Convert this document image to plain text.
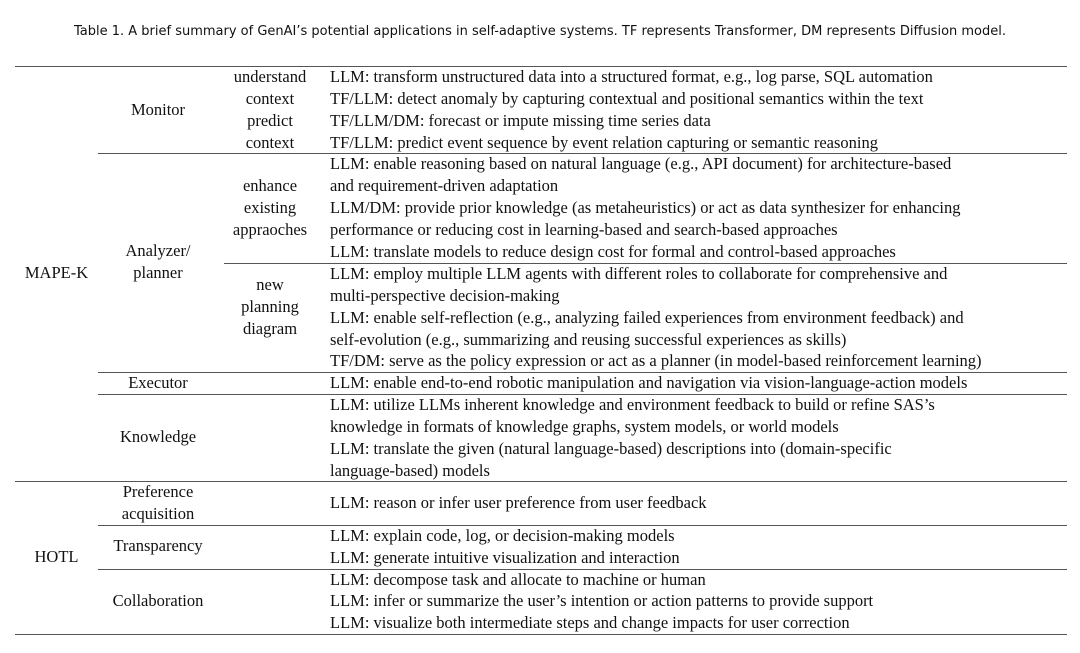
Table 1. A brief summary of GenAI’s potential applications in self-adaptive systems. TF represents Transformer, DM represents Diffusion model.
MAPE-K
HOTL
Monitor
Analyzer/
planner
Executor
Knowledge
Preference
acquisition
Transparency
Collaboration
understand
context
predict
context
enhance
existing
appraoches
new
planning
diagram
LLM: transform unstructured data into a structured format, e.g., log parse, SQL automation
TF/LLM: detect anomaly by capturing contextual and positional semantics within the text
TF/LLM/DM: forecast or impute missing time series data
TF/LLM: predict event sequence by event relation capturing or semantic reasoning
LLM: enable reasoning based on natural language (e.g., API document) for architecture-based
and requirement-driven adaptation
LLM/DM: provide prior knowledge (as metaheuristics) or act as data synthesizer for enhancing
performance or reducing cost in learning-based and search-based approaches
LLM: translate models to reduce design cost for formal and control-based approaches
LLM: employ multiple LLM agents with different roles to collaborate for comprehensive and
multi-perspective decision-making
LLM: enable self-reflection (e.g., analyzing failed experiences from environment feedback) and
self-evolution (e.g., summarizing and reusing successful experiences as skills)
TF/DM: serve as the policy expression or act as a planner (in model-based reinforcement learning)
LLM: enable end-to-end robotic manipulation and navigation via vision-language-action models
LLM: utilize LLMs inherent knowledge and environment feedback to build or refine SAS’s
knowledge in formats of knowledge graphs, system models, or world models
LLM: translate the given (natural language-based) descriptions into (domain-specific
language-based) models
LLM: reason or infer user preference from user feedback
LLM: explain code, log, or decision-making models
LLM: generate intuitive visualization and interaction
LLM: decompose task and allocate to machine or human
LLM: infer or summarize the user’s intention or action patterns to provide support
LLM: visualize both intermediate steps and change impacts for user correction
